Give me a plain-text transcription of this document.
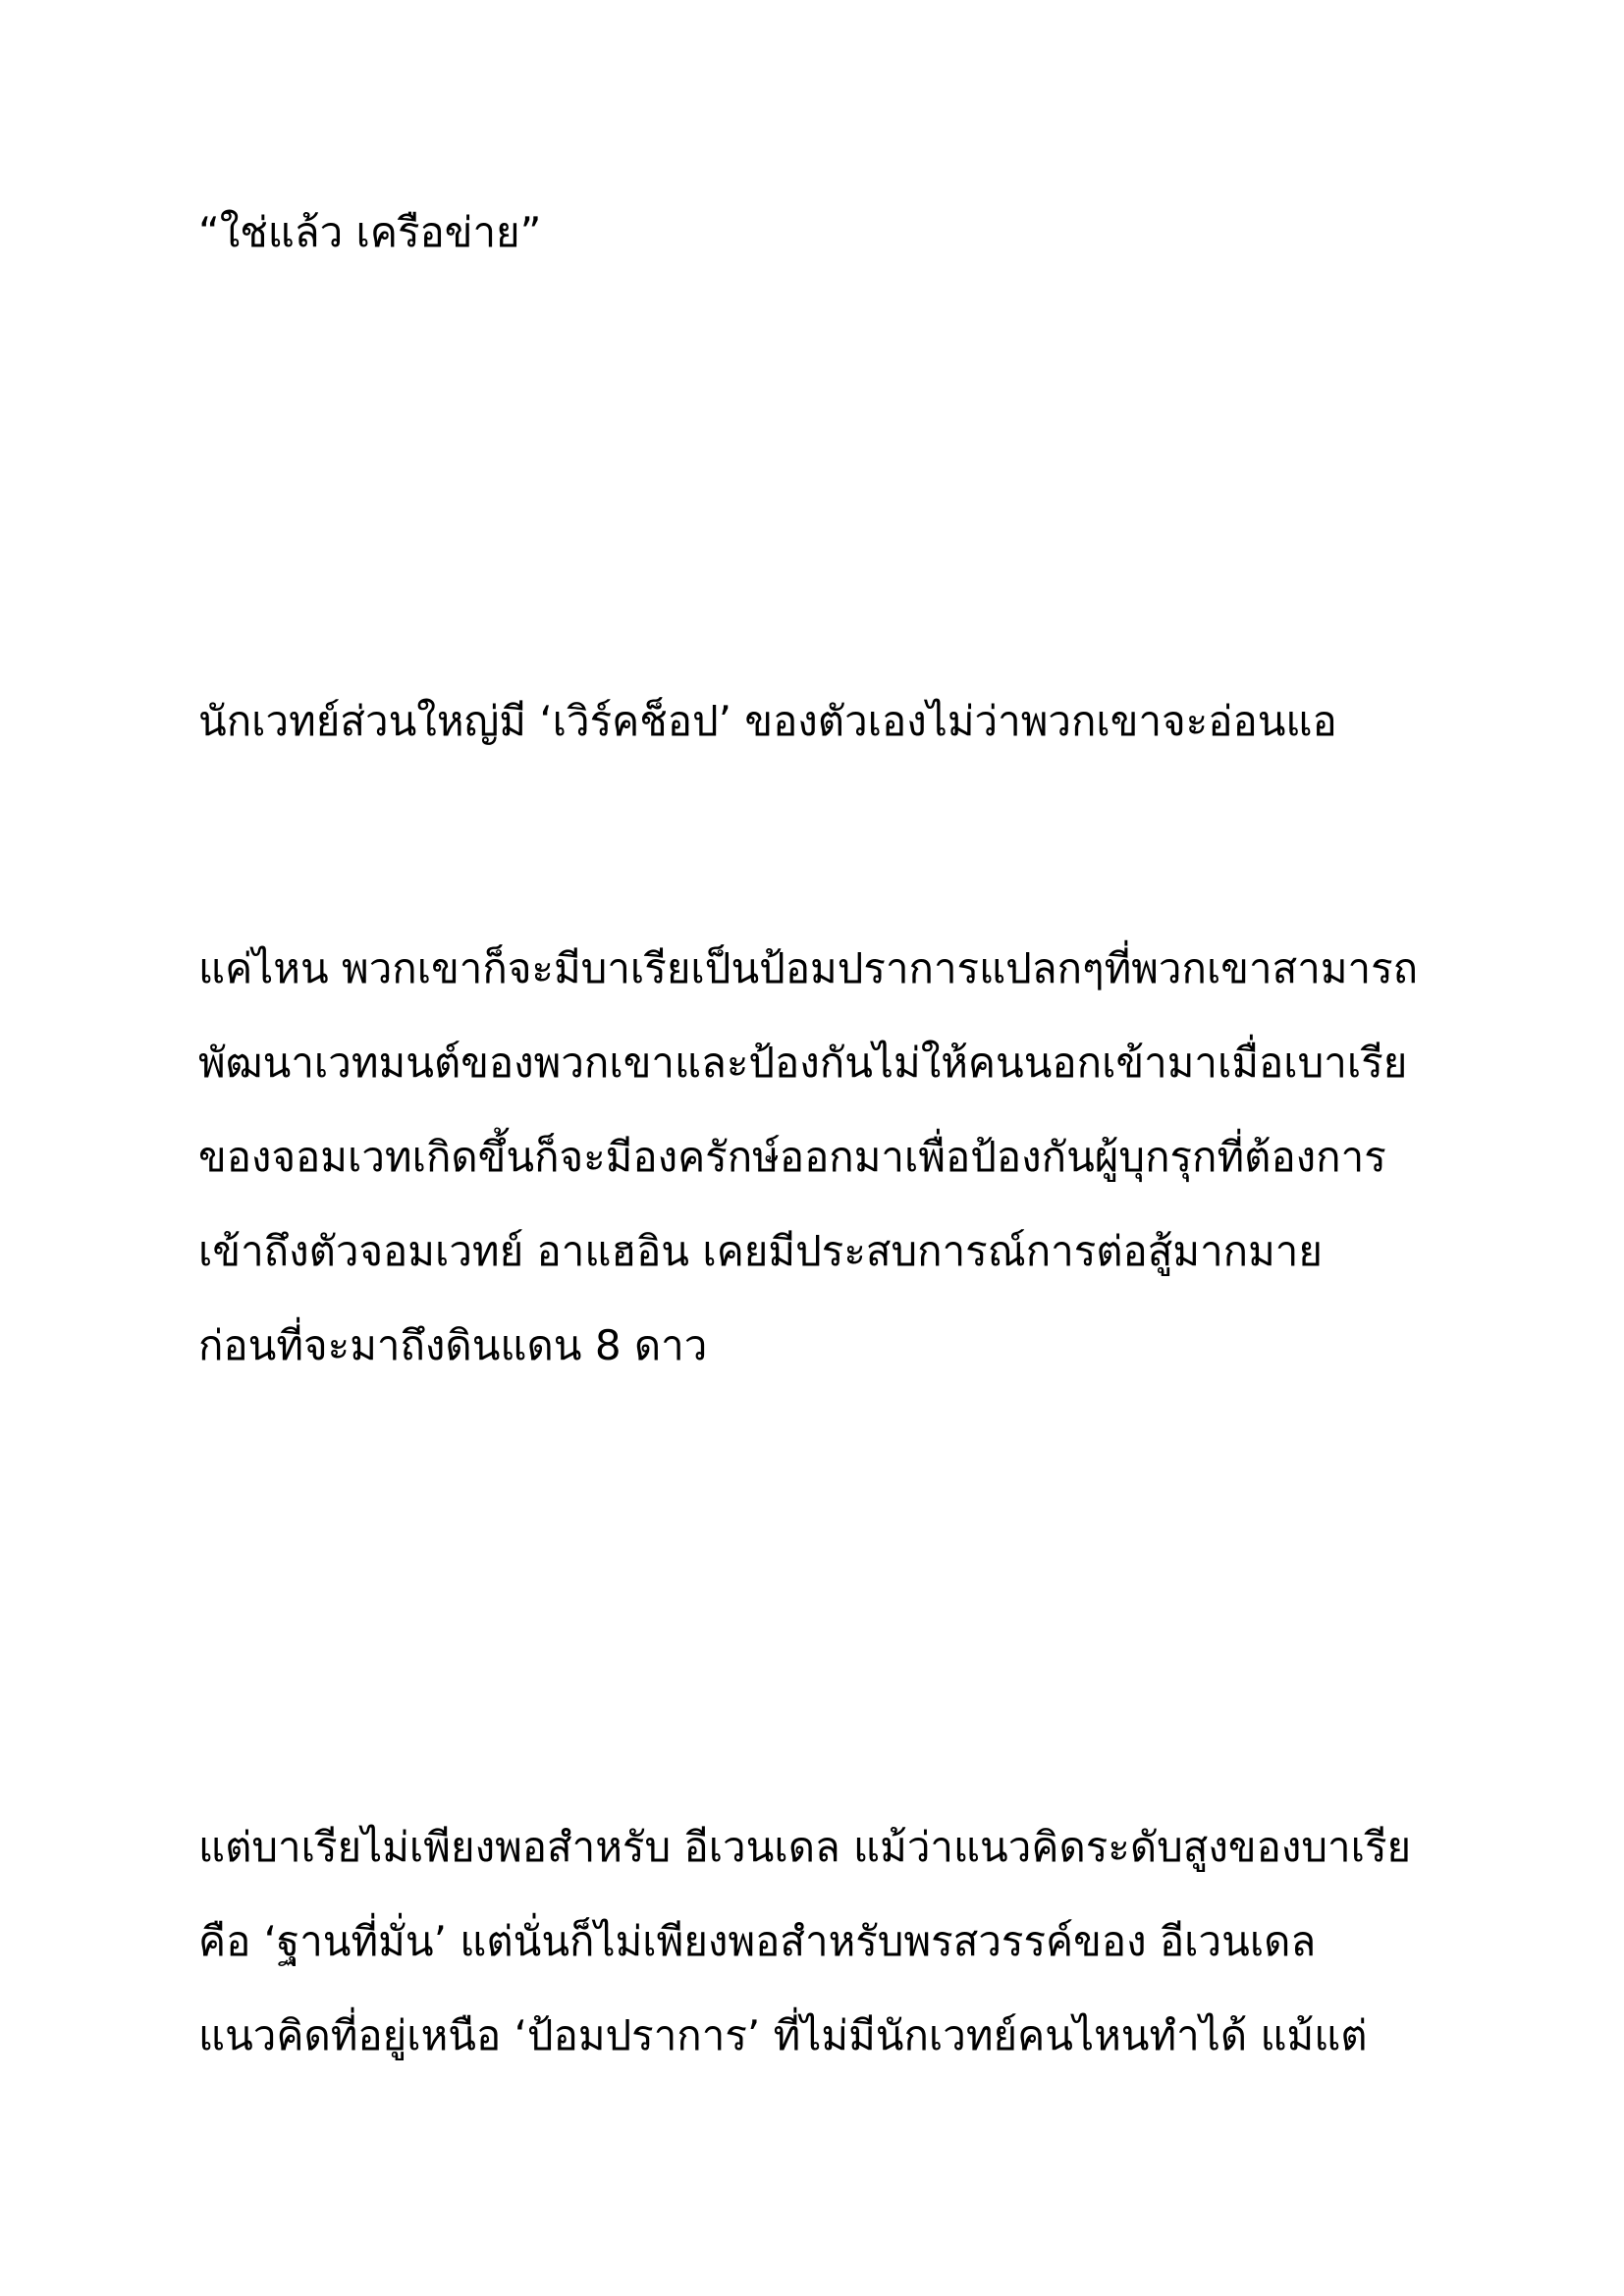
“ใช่แล้ว เครือข่าย”
นักเวทย์ส่วนใหญ่มี ‘เวิร์คช็อป’ ของตัวเองไม่ว่าพวกเขาจะอ่อนแอ
แค่ไหน พวกเขาก็จะมีบาเรียเป็นป้อมปราการแปลกๆที่พวกเขาสามารถ
พัฒนาเวทมนต์ของพวกเขาและป้องกันไม่ให้คนนอกเข้ามาเมื่อเบาเรีย
ของจอมเวทเกิดขึ้นก็จะมีองครักษ์ออกมาเพื่อป้องกันผู้บุกรุกที่ต้องการ
เข้าถึงตัวจอมเวทย์ อาแฮอิน เคยมีประสบการณ์การต่อสู้มากมาย
ก่อนที่จะมาถึงดินแดน 8 ดาว
แต่บาเรียไม่เพียงพอสำหรับ อีเวนเดล แม้ว่าแนวคิดระดับสูงของบาเรีย
คือ ‘ฐานที่มั่น’ แต่นั่นก็ไม่เพียงพอสำหรับพรสวรรค์ของ อีเวนเดล
แนวคิดที่อยู่เหนือ ‘ป้อมปราการ’ ที่ไม่มีนักเวทย์คนไหนทำได้ แม้แต่
